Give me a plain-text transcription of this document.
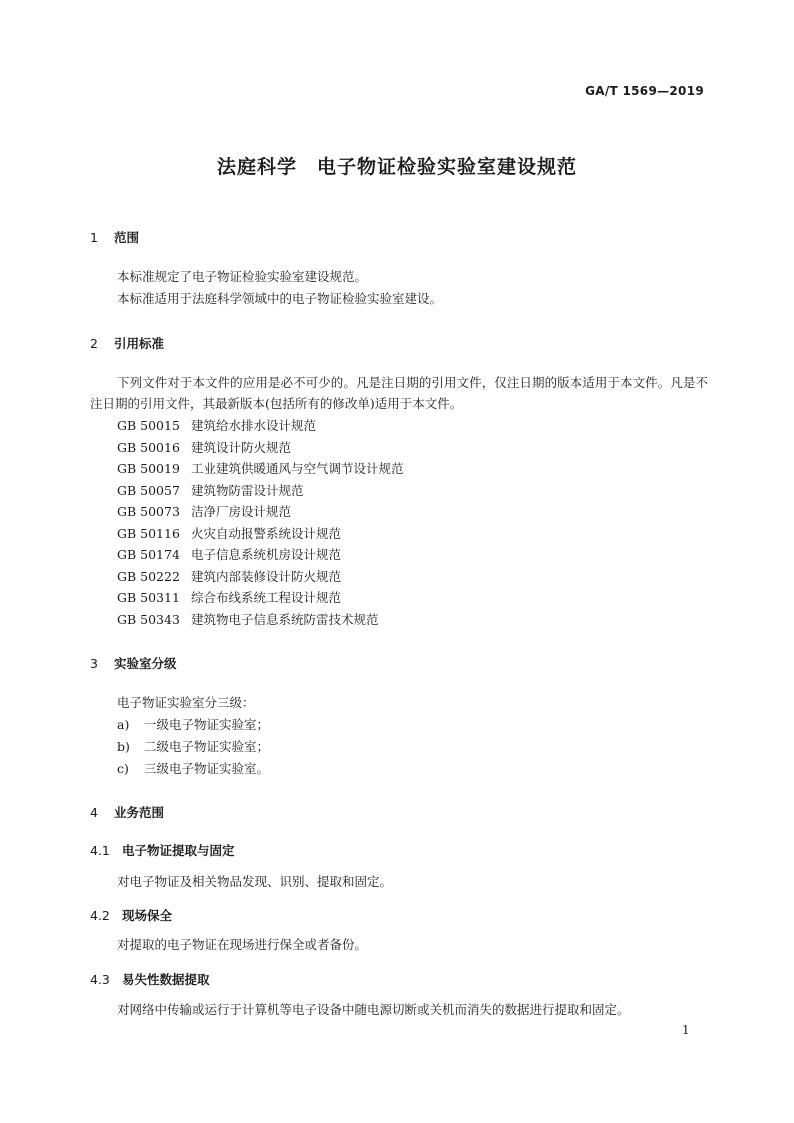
GA/T 1569—2019
法庭科学　电子物证检验实验室建设规范
1 范围
本标准规定了电子物证检验实验室建设规范。
本标准适用于法庭科学领域中的电子物证检验实验室建设。
2 引用标准
下列文件对于本文件的应用是必不可少的。凡是注日期的引用文件，仅注日期的版本适用于本文件。凡是不注日期的引用文件，其最新版本(包括所有的修改单)适用于本文件。
GB 50015 建筑给水排水设计规范
GB 50016 建筑设计防火规范
GB 50019 工业建筑供暖通风与空气调节设计规范
GB 50057 建筑物防雷设计规范
GB 50073 洁净厂房设计规范
GB 50116 火灾自动报警系统设计规范
GB 50174 电子信息系统机房设计规范
GB 50222 建筑内部装修设计防火规范
GB 50311 综合布线系统工程设计规范
GB 50343 建筑物电子信息系统防雷技术规范
3 实验室分级
电子物证实验室分三级：
a) 一级电子物证实验室；
b) 二级电子物证实验室；
c) 三级电子物证实验室。
4 业务范围
4.1 电子物证提取与固定
对电子物证及相关物品发现、识别、提取和固定。
4.2 现场保全
对提取的电子物证在现场进行保全或者备份。
4.3 易失性数据提取
对网络中传输或运行于计算机等电子设备中随电源切断或关机而消失的数据进行提取和固定。
1
